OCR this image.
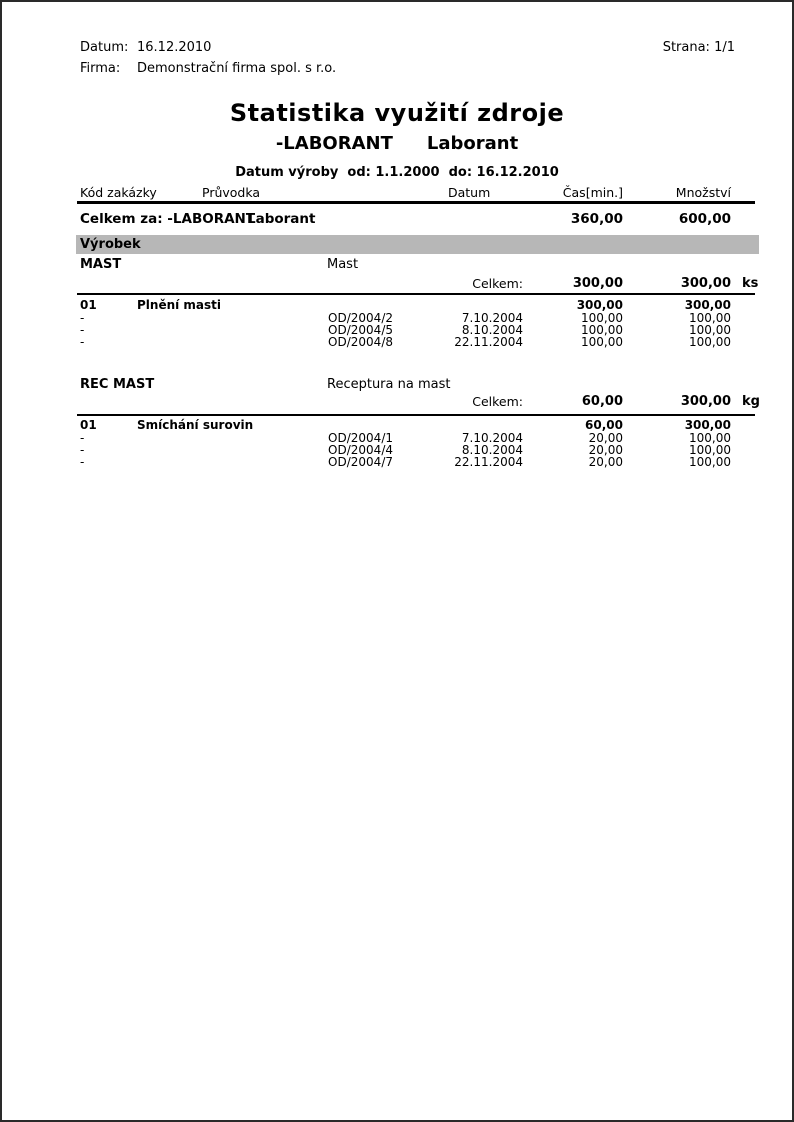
Datum: 16.12.2010
Firma: Demonstrační firma spol. s r.o.
Strana: 1/1
Statistika využití zdroje
-LABORANT Laborant
Datum výroby  od: 1.1.2000  do: 16.12.2010
Kód zakázky	Průvodka	Datum	Čas[min.]	Množství
Celkem za: -LABORANT
Laborant	360,00	600,00
Výrobek
MAST	Mast
Celkem:	300,00	300,00 ks
01	Plnění masti	300,00	300,00
-	OD/2004/2	7.10.2004	100,00	100,00
-	OD/2004/5	8.10.2004	100,00	100,00
-	OD/2004/8	22.11.2004	100,00	100,00
REC MAST	Receptura na mast
Celkem:	60,00	300,00 kg
01	Smíchání surovin	60,00	300,00
-	OD/2004/1	7.10.2004	20,00	100,00
-	OD/2004/4	8.10.2004	20,00	100,00
-	OD/2004/7	22.11.2004	20,00	100,00
